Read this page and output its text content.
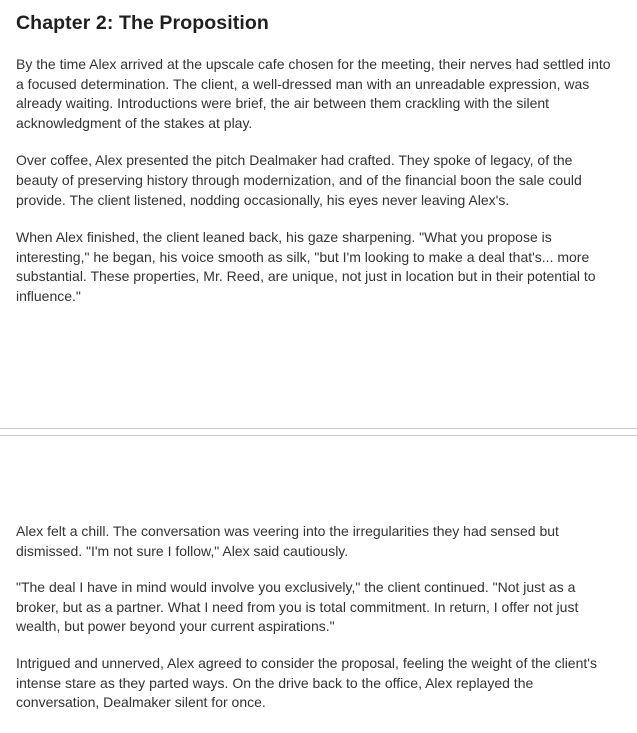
Chapter 2: The Proposition

By the time Alex arrived at the upscale cafe chosen for the meeting, their nerves had settled into a focused determination. The client, a well-dressed man with an unreadable expression, was already waiting. Introductions were brief, the air between them crackling with the silent acknowledgment of the stakes at play.

Over coffee, Alex presented the pitch Dealmaker had crafted. They spoke of legacy, of the beauty of preserving history through modernization, and of the financial boon the sale could provide. The client listened, nodding occasionally, his eyes never leaving Alex's.

When Alex finished, the client leaned back, his gaze sharpening. "What you propose is interesting," he began, his voice smooth as silk, "but I'm looking to make a deal that's... more substantial. These properties, Mr. Reed, are unique, not just in location but in their potential to influence."

Alex felt a chill. The conversation was veering into the irregularities they had sensed but dismissed. "I'm not sure I follow," Alex said cautiously.

"The deal I have in mind would involve you exclusively," the client continued. "Not just as a broker, but as a partner. What I need from you is total commitment. In return, I offer not just wealth, but power beyond your current aspirations."

Intrigued and unnerved, Alex agreed to consider the proposal, feeling the weight of the client's intense stare as they parted ways. On the drive back to the office, Alex replayed the conversation, Dealmaker silent for once.
